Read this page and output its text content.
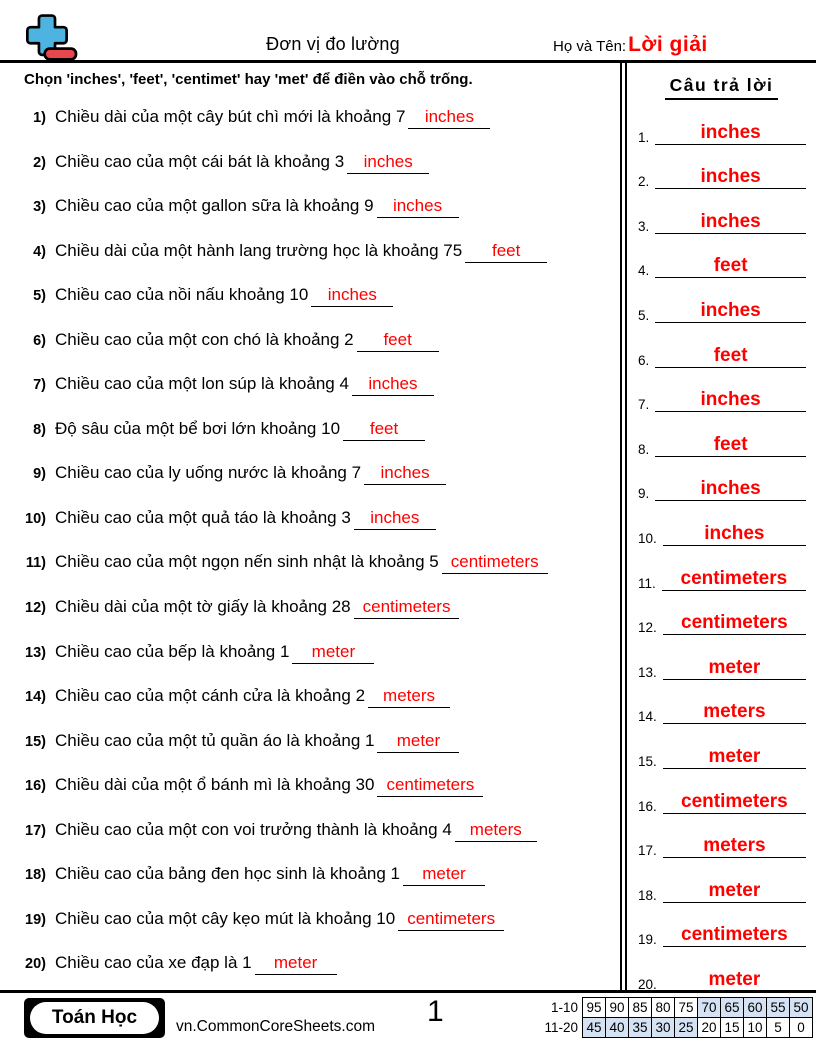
Đơn vị đo lường	Họ và Tên: Lời giải
Chọn 'inches', 'feet', 'centimet' hay 'met' để điền vào chỗ trống.
1) Chiều dài của một cây bút chì mới là khoảng 7 inches
2) Chiều cao của một cái bát là khoảng 3 inches
3) Chiều cao của một gallon sữa là khoảng 9 inches
4) Chiều dài của một hành lang trường học là khoảng 75 feet
5) Chiều cao của nồi nấu khoảng 10 inches
6) Chiều cao của một con chó là khoảng 2 feet
7) Chiều cao của một lon súp là khoảng 4 inches
8) Độ sâu của một bể bơi lớn khoảng 10 feet
9) Chiều cao của ly uống nước là khoảng 7 inches
10) Chiều cao của một quả táo là khoảng 3 inches
11) Chiều cao của một ngọn nến sinh nhật là khoảng 5 centimeters
12) Chiều dài của một tờ giấy là khoảng 28 centimeters
13) Chiều cao của bếp là khoảng 1 meter
14) Chiều cao của một cánh cửa là khoảng 2 meters
15) Chiều cao của một tủ quần áo là khoảng 1 meter
16) Chiều dài của một ổ bánh mì là khoảng 30 centimeters
17) Chiều cao của một con voi trưởng thành là khoảng 4 meters
18) Chiều cao của bảng đen học sinh là khoảng 1 meter
19) Chiều cao của một cây kẹo mút là khoảng 10 centimeters
20) Chiều cao của xe đạp là 1 meter
Câu trả lời
1.	inches
2.	inches
3.	inches
4.	feet
5.	inches
6.	feet
7.	inches
8.	feet
9.	inches
10.	inches
11.	centimeters
12.	centimeters
13.	meter
14.	meters
15.	meter
16.	centimeters
17.	meters
18.	meter
19.	centimeters
20.	meter
Toán Học	vn.CommonCoreSheets.com 1	1-10 95 90 85 80 75 70 65 60 55 50
11-20 45 40 35 30 25 20 15 10 5	0
